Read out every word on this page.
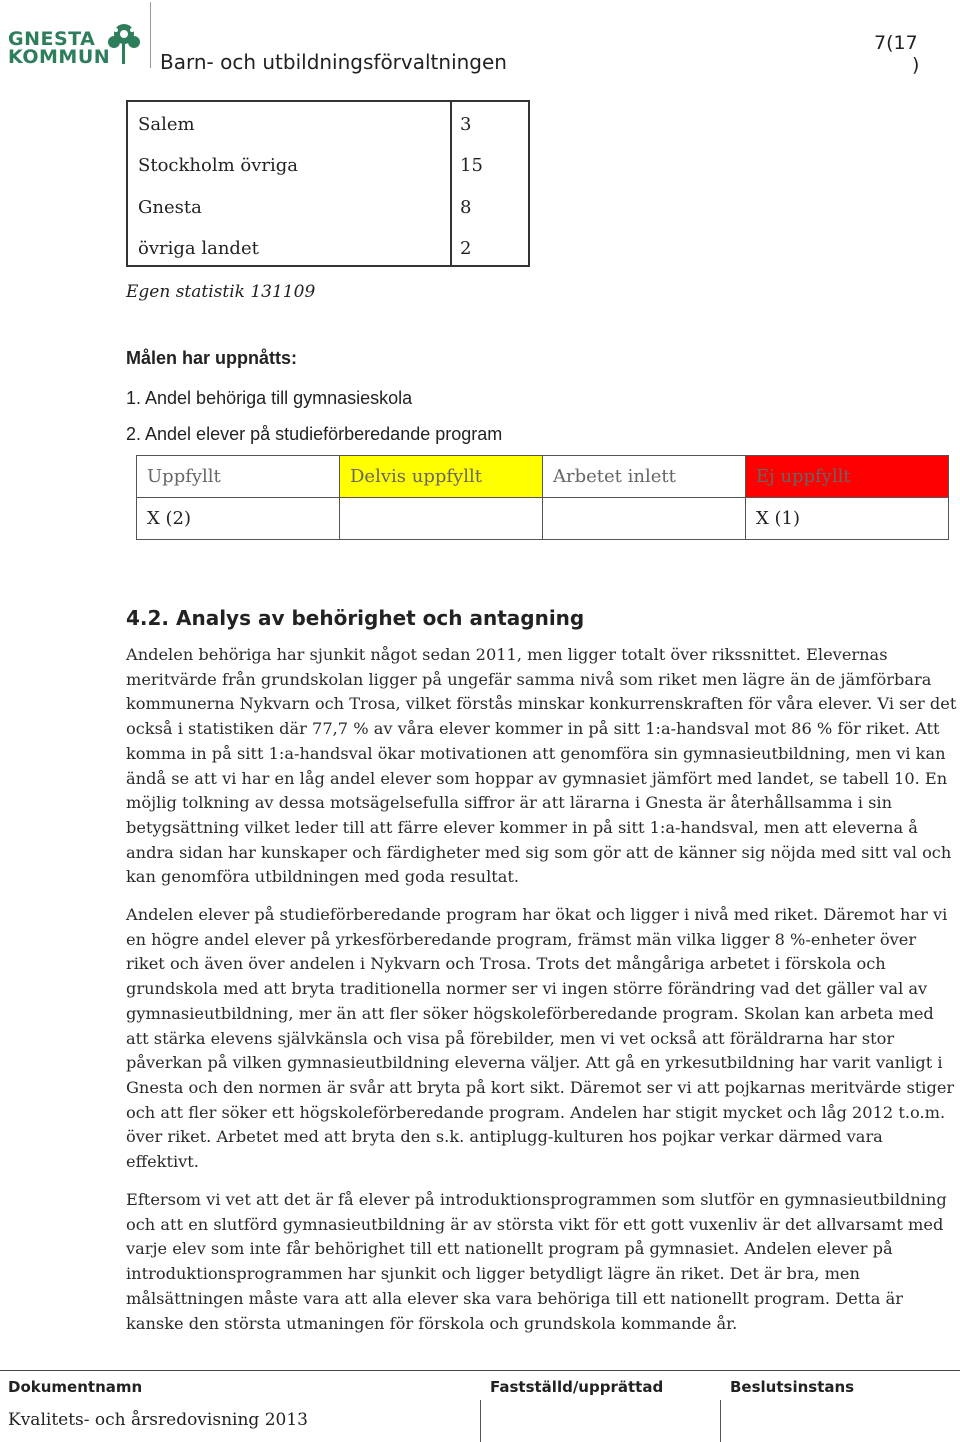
GNESTA
KOMMUN Barn- och utbildningsförvaltningen
7(17
)
Salem	3
Stockholm övriga	15
Gnesta	8
övriga landet	2
Egen statistik 131109
Målen har uppnåtts:
1. Andel behöriga till gymnasieskola
2. Andel elever på studieförberedande program
Uppfyllt	Delvis uppfyllt	Arbetet inlett	Ej uppfyllt
X (2)			X (1)
4.2. Analys av behörighet och antagning
Andelen behöriga har sjunkit något sedan 2011, men ligger totalt över rikssnittet. Elevernas meritvärde från grundskolan ligger på ungefär samma nivå som riket men lägre än de jämförbara kommunerna Nykvarn och Trosa, vilket förstås minskar konkurrenskraften för våra elever. Vi ser det också i statistiken där 77,7 % av våra elever kommer in på sitt 1:a-handsval mot 86 % för riket. Att komma in på sitt 1:a-handsval ökar motivationen att genomföra sin gymnasieutbildning, men vi kan ändå se att vi har en låg andel elever som hoppar av gymnasiet jämfört med landet, se tabell 10. En möjlig tolkning av dessa motsägelsefulla siffror är att lärarna i Gnesta är återhållsamma i sin betygsättning vilket leder till att färre elever kommer in på sitt 1:a-handsval, men att eleverna å andra sidan har kunskaper och färdigheter med sig som gör att de känner sig nöjda med sitt val och kan genomföra utbildningen med goda resultat.
Andelen elever på studieförberedande program har ökat och ligger i nivå med riket. Däremot har vi en högre andel elever på yrkesförberedande program, främst män vilka ligger 8 %-enheter över riket och även över andelen i Nykvarn och Trosa. Trots det mångåriga arbetet i förskola och grundskola med att bryta traditionella normer ser vi ingen större förändring vad det gäller val av gymnasieutbildning, mer än att fler söker högskoleförberedande program. Skolan kan arbeta med att stärka elevens självkänsla och visa på förebilder, men vi vet också att föräldrarna har stor påverkan på vilken gymnasieutbildning eleverna väljer. Att gå en yrkesutbildning har varit vanligt i Gnesta och den normen är svår att bryta på kort sikt. Däremot ser vi att pojkarnas meritvärde stiger och att fler söker ett högskoleförberedande program. Andelen har stigit mycket och låg 2012 t.o.m. över riket. Arbetet med att bryta den s.k. antiplugg-kulturen hos pojkar verkar därmed vara effektivt.
Eftersom vi vet att det är få elever på introduktionsprogrammen som slutför en gymnasieutbildning och att en slutförd gymnasieutbildning är av största vikt för ett gott vuxenliv är det allvarsamt med varje elev som inte får behörighet till ett nationellt program på gymnasiet. Andelen elever på introduktionsprogrammen har sjunkit och ligger betydligt lägre än riket. Det är bra, men målsättningen måste vara att alla elever ska vara behöriga till ett nationellt program. Detta är kanske den största utmaningen för förskola och grundskola kommande år.
Dokumentnamn	Fastställd/upprättad	Beslutsinstans
Kvalitets- och årsredovisning 2013
